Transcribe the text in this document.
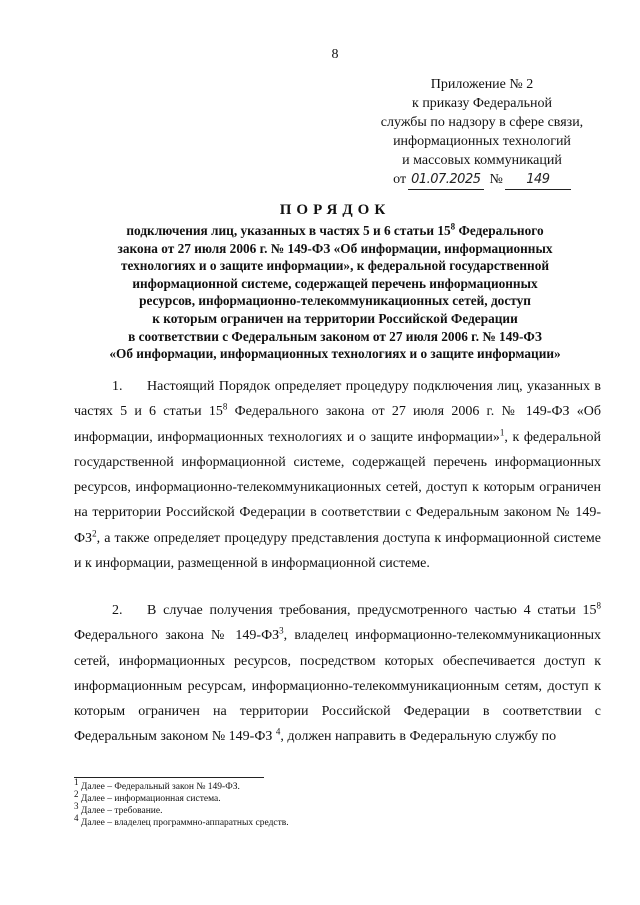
8
Приложение № 2
к приказу Федеральной
службы по надзору в сфере связи,
информационных технологий
и массовых коммуникаций
от 01.07.2025 №	149
ПОРЯДОК
подключения лиц, указанных в частях 5 и 6 статьи $15^8$ Федерального
закона от 27 июля 2006 г. № 149-ФЗ «Об информации, информационных
технологиях и о защите информации», к федеральной государственной
информационной системе, содержащей перечень информационных
ресурсов, информационно-телекоммуникационных сетей, доступ
к которым ограничен на территории Российской Федерации
в соответствии с Федеральным законом от 27 июля 2006 г. № 149-ФЗ
«Об информации, информационных технологиях и о защите информации»

1. Настоящий Порядок определяет процедуру подключения лиц, указанных в частях 5 и 6 статьи $15^8$ Федерального закона от 27 июля 2006 г. № 149-ФЗ «Об информации, информационных технологиях и о защите информации»$^1$, к федеральной государственной информационной системе, содержащей перечень информационных ресурсов, информационно-телекоммуникационных сетей, доступ к которым ограничен на территории Российской Федерации в соответствии с Федеральным законом № $149-ФЗ^2$, а также определяет процедуру представления доступа к информационной системе и к информации, размещенной в информационной системе.

2. В случае получения требования, предусмотренного частью 4 статьи $15^8$ Федерального закона № $149-ФЗ^3$, владелец информационно-телекоммуникационных сетей, информационных ресурсов, посредством которых обеспечивается доступ к информационным ресурсам, информационно-телекоммуникационным сетям, доступ к которым ограничен на территории Российской Федерации в соответствии с Федеральным законом № 149-ФЗ $^4$, должен направить в Федеральную службу по

$^1$ Далее – Федеральный закон № 149-ФЗ.
$^2$ Далее – информационная система.
$^3$ Далее – требование.
$^4$ Далее – владелец программно-аппаратных средств.
